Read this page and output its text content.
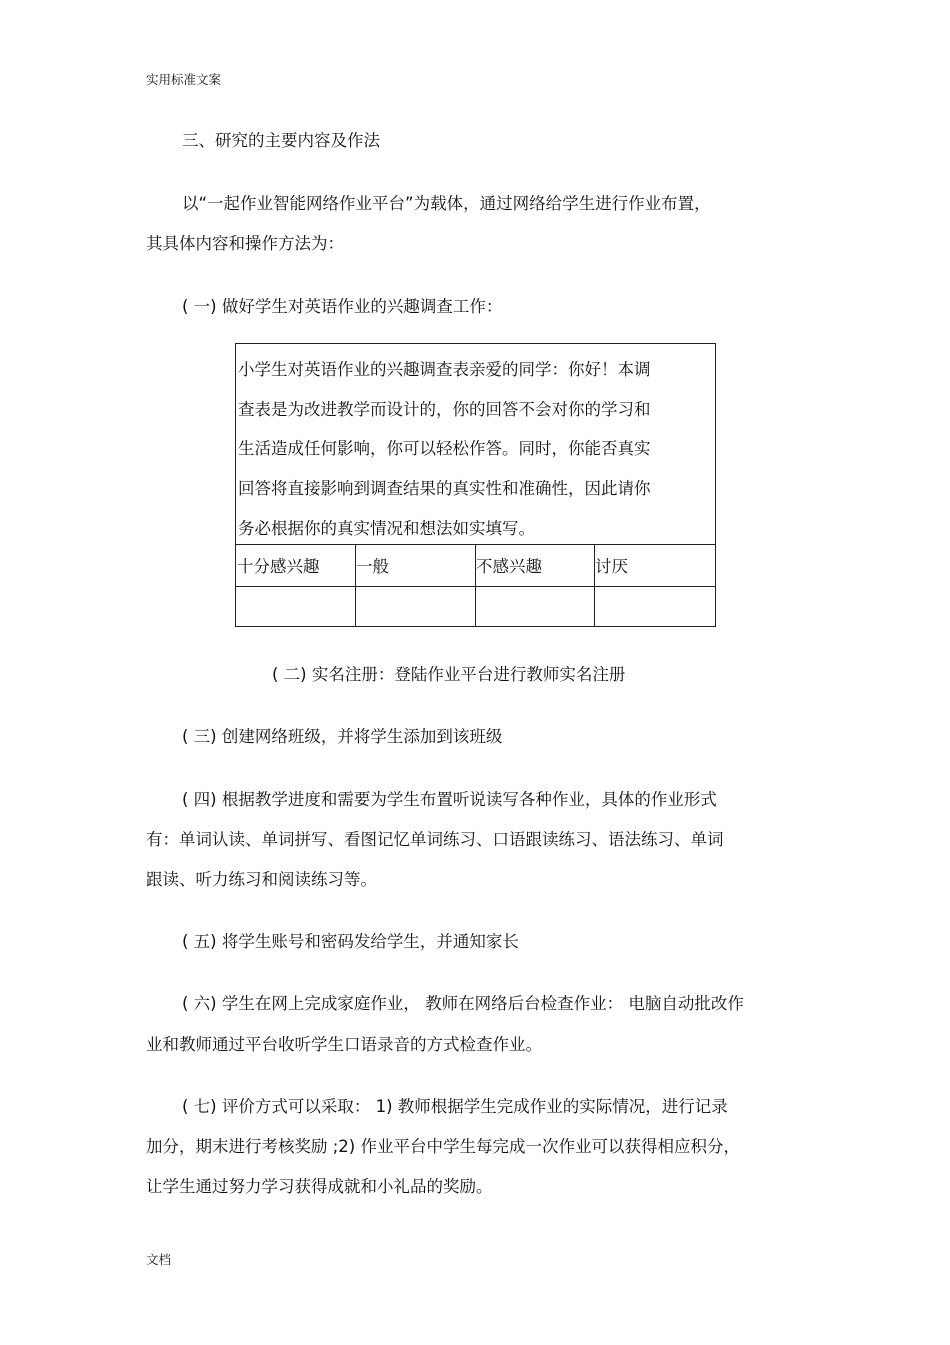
实用标准文案
三、研究的主要内容及作法
以“一起作业智能网络作业平台”为载体，通过网络给学生进行作业布置，
其具体内容和操作方法为：
( 一) 做好学生对英语作业的兴趣调查工作：
小学生对英语作业的兴趣调查表亲爱的同学：你好！本调
查表是为改进教学而设计的，你的回答不会对你的学习和
生活造成任何影响，你可以轻松作答。同时，你能否真实
回答将直接影响到调查结果的真实性和准确性，因此请你
务必根据你的真实情况和想法如实填写。
十分感兴趣	一般	不感兴趣	讨厌
( 二) 实名注册：登陆作业平台进行教师实名注册
( 三) 创建网络班级，并将学生添加到该班级
( 四) 根据教学进度和需要为学生布置听说读写各种作业，具体的作业形式
有：单词认读、单词拼写、看图记忆单词练习、口语跟读练习、语法练习、单词
跟读、听力练习和阅读练习等。
( 五) 将学生账号和密码发给学生，并通知家长
( 六) 学生在网上完成家庭作业， 教师在网络后台检查作业： 电脑自动批改作
业和教师通过平台收听学生口语录音的方式检查作业。
( 七) 评价方式可以采取： 1) 教师根据学生完成作业的实际情况，进行记录
加分，期末进行考核奖励 ;2) 作业平台中学生每完成一次作业可以获得相应积分，
让学生通过努力学习获得成就和小礼品的奖励。
文档
